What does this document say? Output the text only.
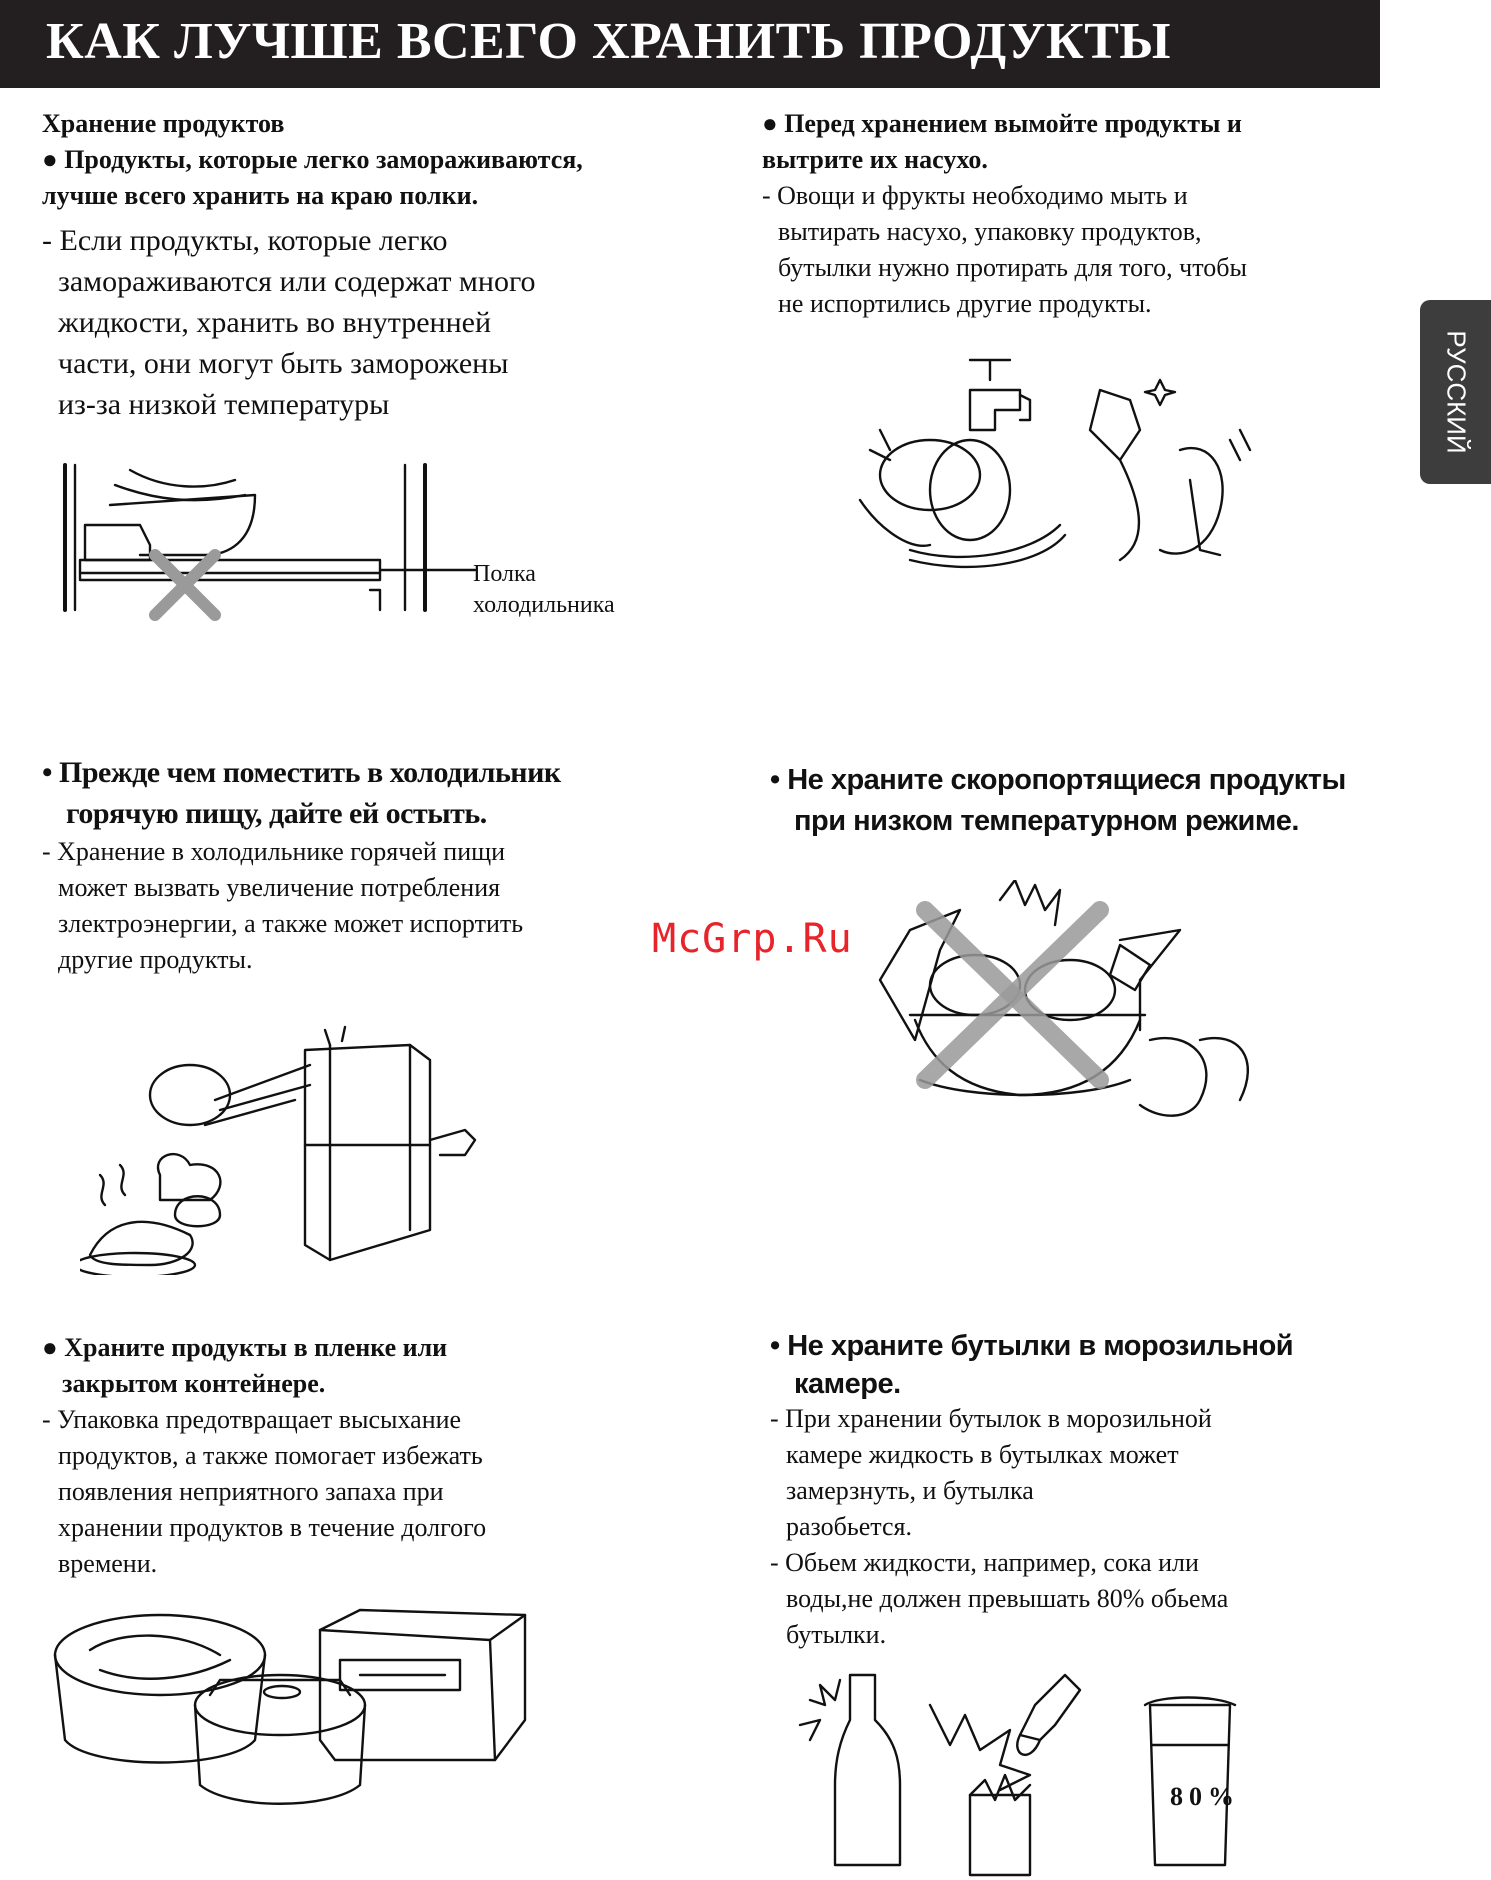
КАК ЛУЧШЕ ВСЕГО ХРАНИТЬ ПРОДУКТЫ
РУССКИЙ

Хранение продуктов

● Продукты, которые легко замораживаются,

лучше всего хранить на краю полки.

- Если продукты, которые легко

замораживаются или содержат много

жидкости, хранить во внутренней

части, они могут быть заморожены

из-за низкой температуры

Полка

холодильника

● Перед хранением вымойте продукты и

вытрите их насухо.

- Овощи и фрукты необходимо мыть и

вытирать насухо, упаковку продуктов,

бутылки нужно протирать для того, чтобы

не испортились другие продукты.

• Прежде чем поместить в холодильник

горячую пищу, дайте ей остыть.

- Хранение в холодильнике горячей пищи

может вызвать увеличение потребления

злектроэнергии, а также может испортить

другие продукты.

• Не храните скоропортящиеся продукты

при низком температурном режиме.

McGrp.Ru

● Храните продукты в пленке или

закрытом контейнере.

- Упаковка предотвращает высыхание

продуктов, а также помогает избежать

появления неприятного запаха при

хранении продуктов в течение долгого

времени.

• Не храните бутылки в морозильной

камере.

- При хранении бутылок в морозильной

камере жидкость в бутылках может

замерзнуть, и бутылка

разобьется.

- Обьем жидкости, например, сока или

воды,не должен превышать 80% обьема

бутылки.

80%
